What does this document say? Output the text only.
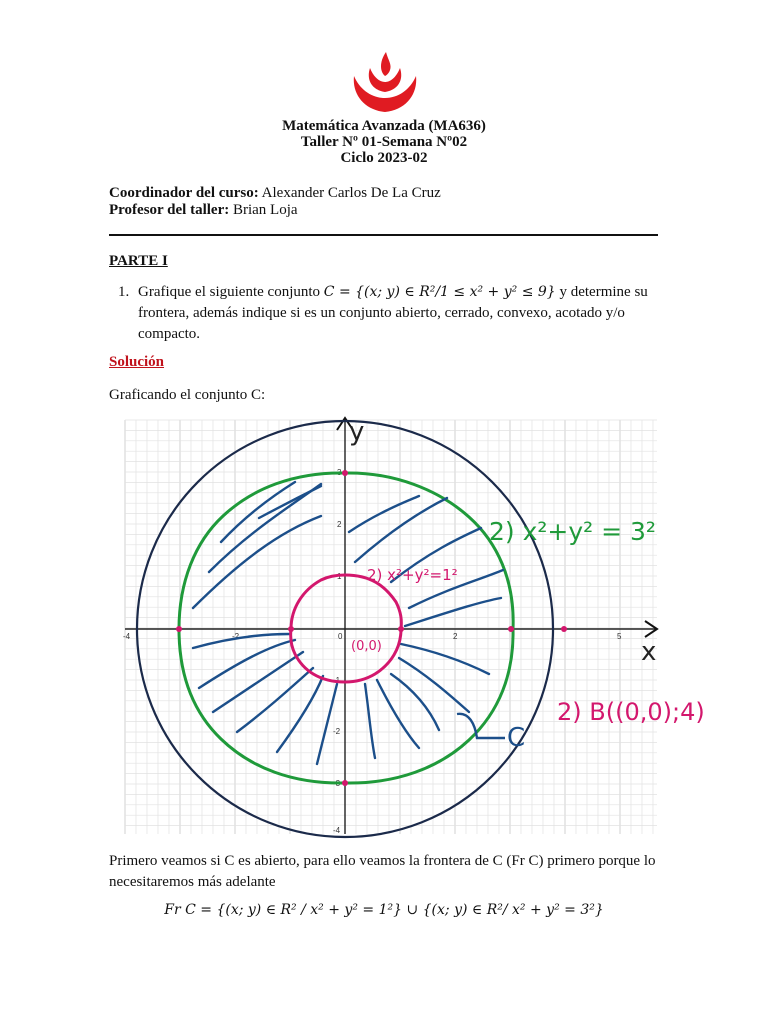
Matemática Avanzada (MA636)
Taller Nº 01-Semana Nº02
Ciclo 2023-02
Coordinador del curso: Alexander Carlos De La Cruz
Profesor del taller: Brian Loja
PARTE I
1. Grafique el siguiente conjunto C = {(x; y) ∈ R²/1 ≤ x² + y² ≤ 9} y determine su frontera, además indique si es un conjunto abierto, cerrado, convexo, acotado y/o compacto.
Solución
Graficando el conjunto C:
-4	-2	0	2	5
3
2
1
-1
-2
-3
-4
y
x
2) x²+y² = 3²
2) x²+y²=1²
(0,0)
2) B((0,0);4)
C
Primero veamos si C es abierto, para ello veamos la frontera de C (Fr C) primero porque lo necesitaremos más adelante
Fr C = {(x; y) ∈ R² / x² + y² = 1²} ∪ {(x; y) ∈ R²/ x² + y² = 3²}
